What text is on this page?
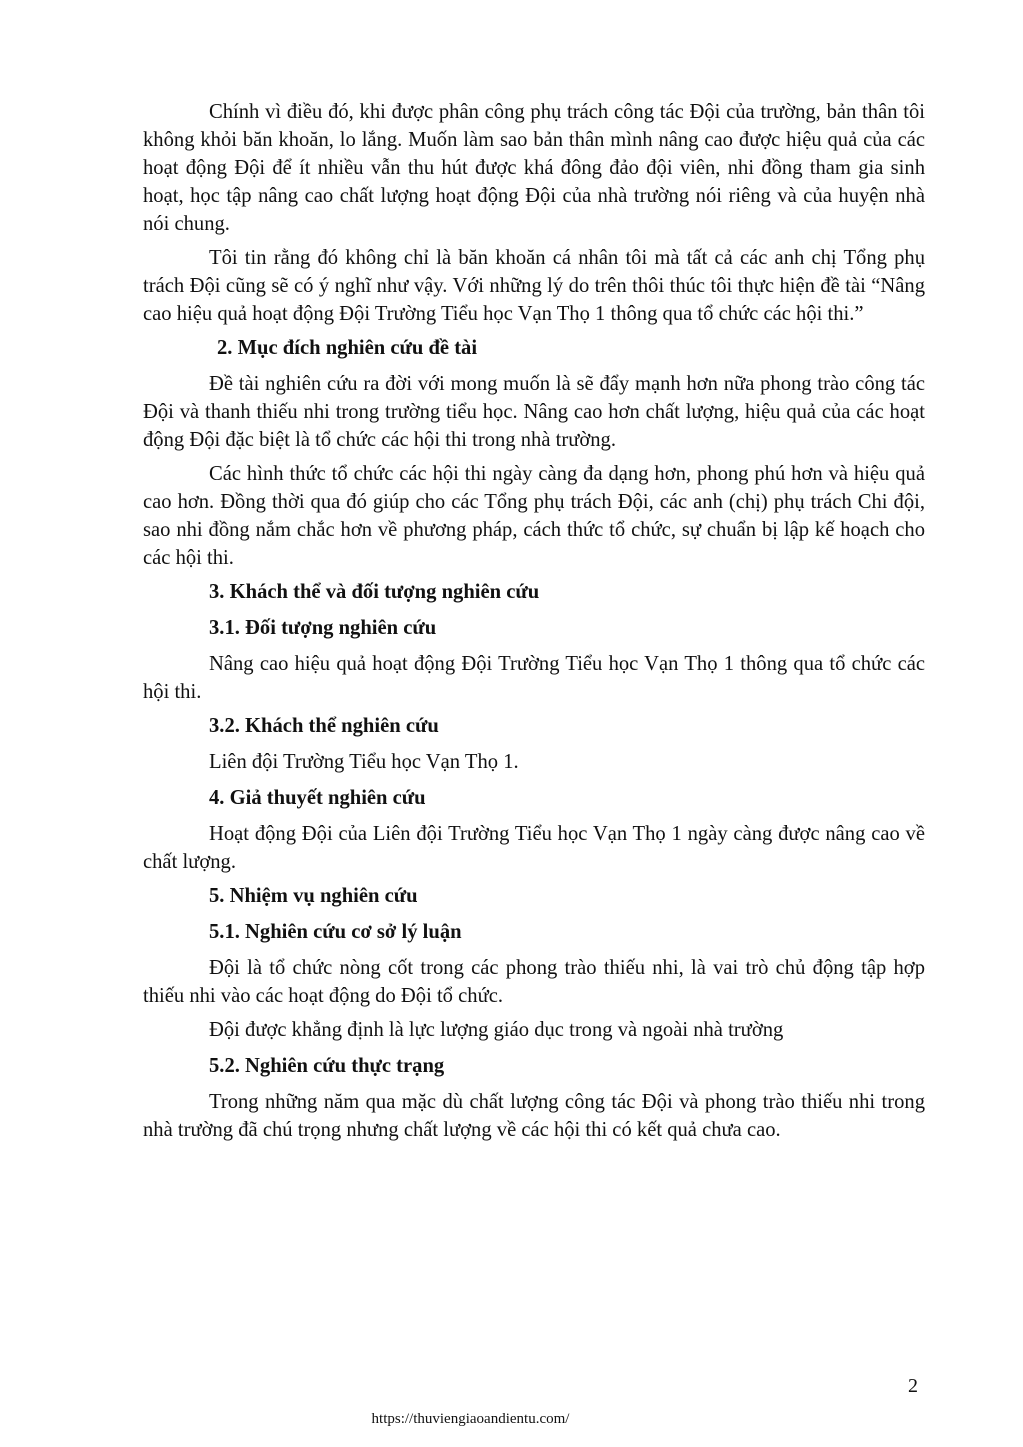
Chính vì điều đó, khi được phân công phụ trách công tác Đội của trường, bản thân tôi không khỏi băn khoăn, lo lắng. Muốn làm sao bản thân mình nâng cao được hiệu quả của các hoạt động Đội để ít nhiều vẫn thu hút được khá đông đảo đội viên, nhi đồng tham gia sinh hoạt, học tập nâng cao chất lượng hoạt động Đội của nhà trường nói riêng và của huyện nhà nói chung.

Tôi tin rằng đó không chỉ là băn khoăn cá nhân tôi mà tất cả các anh chị Tổng phụ trách Đội cũng sẽ có ý nghĩ như vậy. Với những lý do trên thôi thúc tôi thực hiện đề tài “Nâng cao hiệu quả hoạt động Đội Trường Tiểu học Vạn Thọ 1 thông qua tổ chức các hội thi.”

2. Mục đích nghiên cứu đề tài

Đề tài nghiên cứu ra đời với mong muốn là sẽ đẩy mạnh hơn nữa phong trào công tác Đội và thanh thiếu nhi trong trường tiểu học. Nâng cao hơn chất lượng, hiệu quả của các hoạt động Đội đặc biệt là tổ chức các hội thi trong nhà trường.

Các hình thức tổ chức các hội thi ngày càng đa dạng hơn, phong phú hơn và hiệu quả cao hơn. Đồng thời qua đó giúp cho các Tổng phụ trách Đội, các anh (chị) phụ trách Chi đội, sao nhi đồng nắm chắc hơn về phương pháp, cách thức tổ chức, sự chuẩn bị lập kế hoạch cho các hội thi.

3. Khách thể và đối tượng nghiên cứu

3.1. Đối tượng nghiên cứu

Nâng cao hiệu quả hoạt động Đội Trường Tiểu học Vạn Thọ 1 thông qua tổ chức các hội thi.

3.2. Khách thể nghiên cứu

Liên đội Trường Tiểu học Vạn Thọ 1.

4. Giả thuyết nghiên cứu

Hoạt động Đội của Liên đội Trường Tiểu học Vạn Thọ 1 ngày càng được nâng cao về chất lượng.

5. Nhiệm vụ nghiên cứu

5.1. Nghiên cứu cơ sở lý luận

Đội là tổ chức nòng cốt trong các phong trào thiếu nhi, là vai trò chủ động tập hợp thiếu nhi vào các hoạt động do Đội tổ chức.

Đội được khẳng định là lực lượng giáo dục trong và ngoài nhà trường

5.2. Nghiên cứu thực trạng

Trong những năm qua mặc dù chất lượng công tác Đội và phong trào thiếu nhi trong nhà trường đã chú trọng nhưng chất lượng về các hội thi có kết quả chưa cao.

2
https://thuviengiaoandientu.com/
